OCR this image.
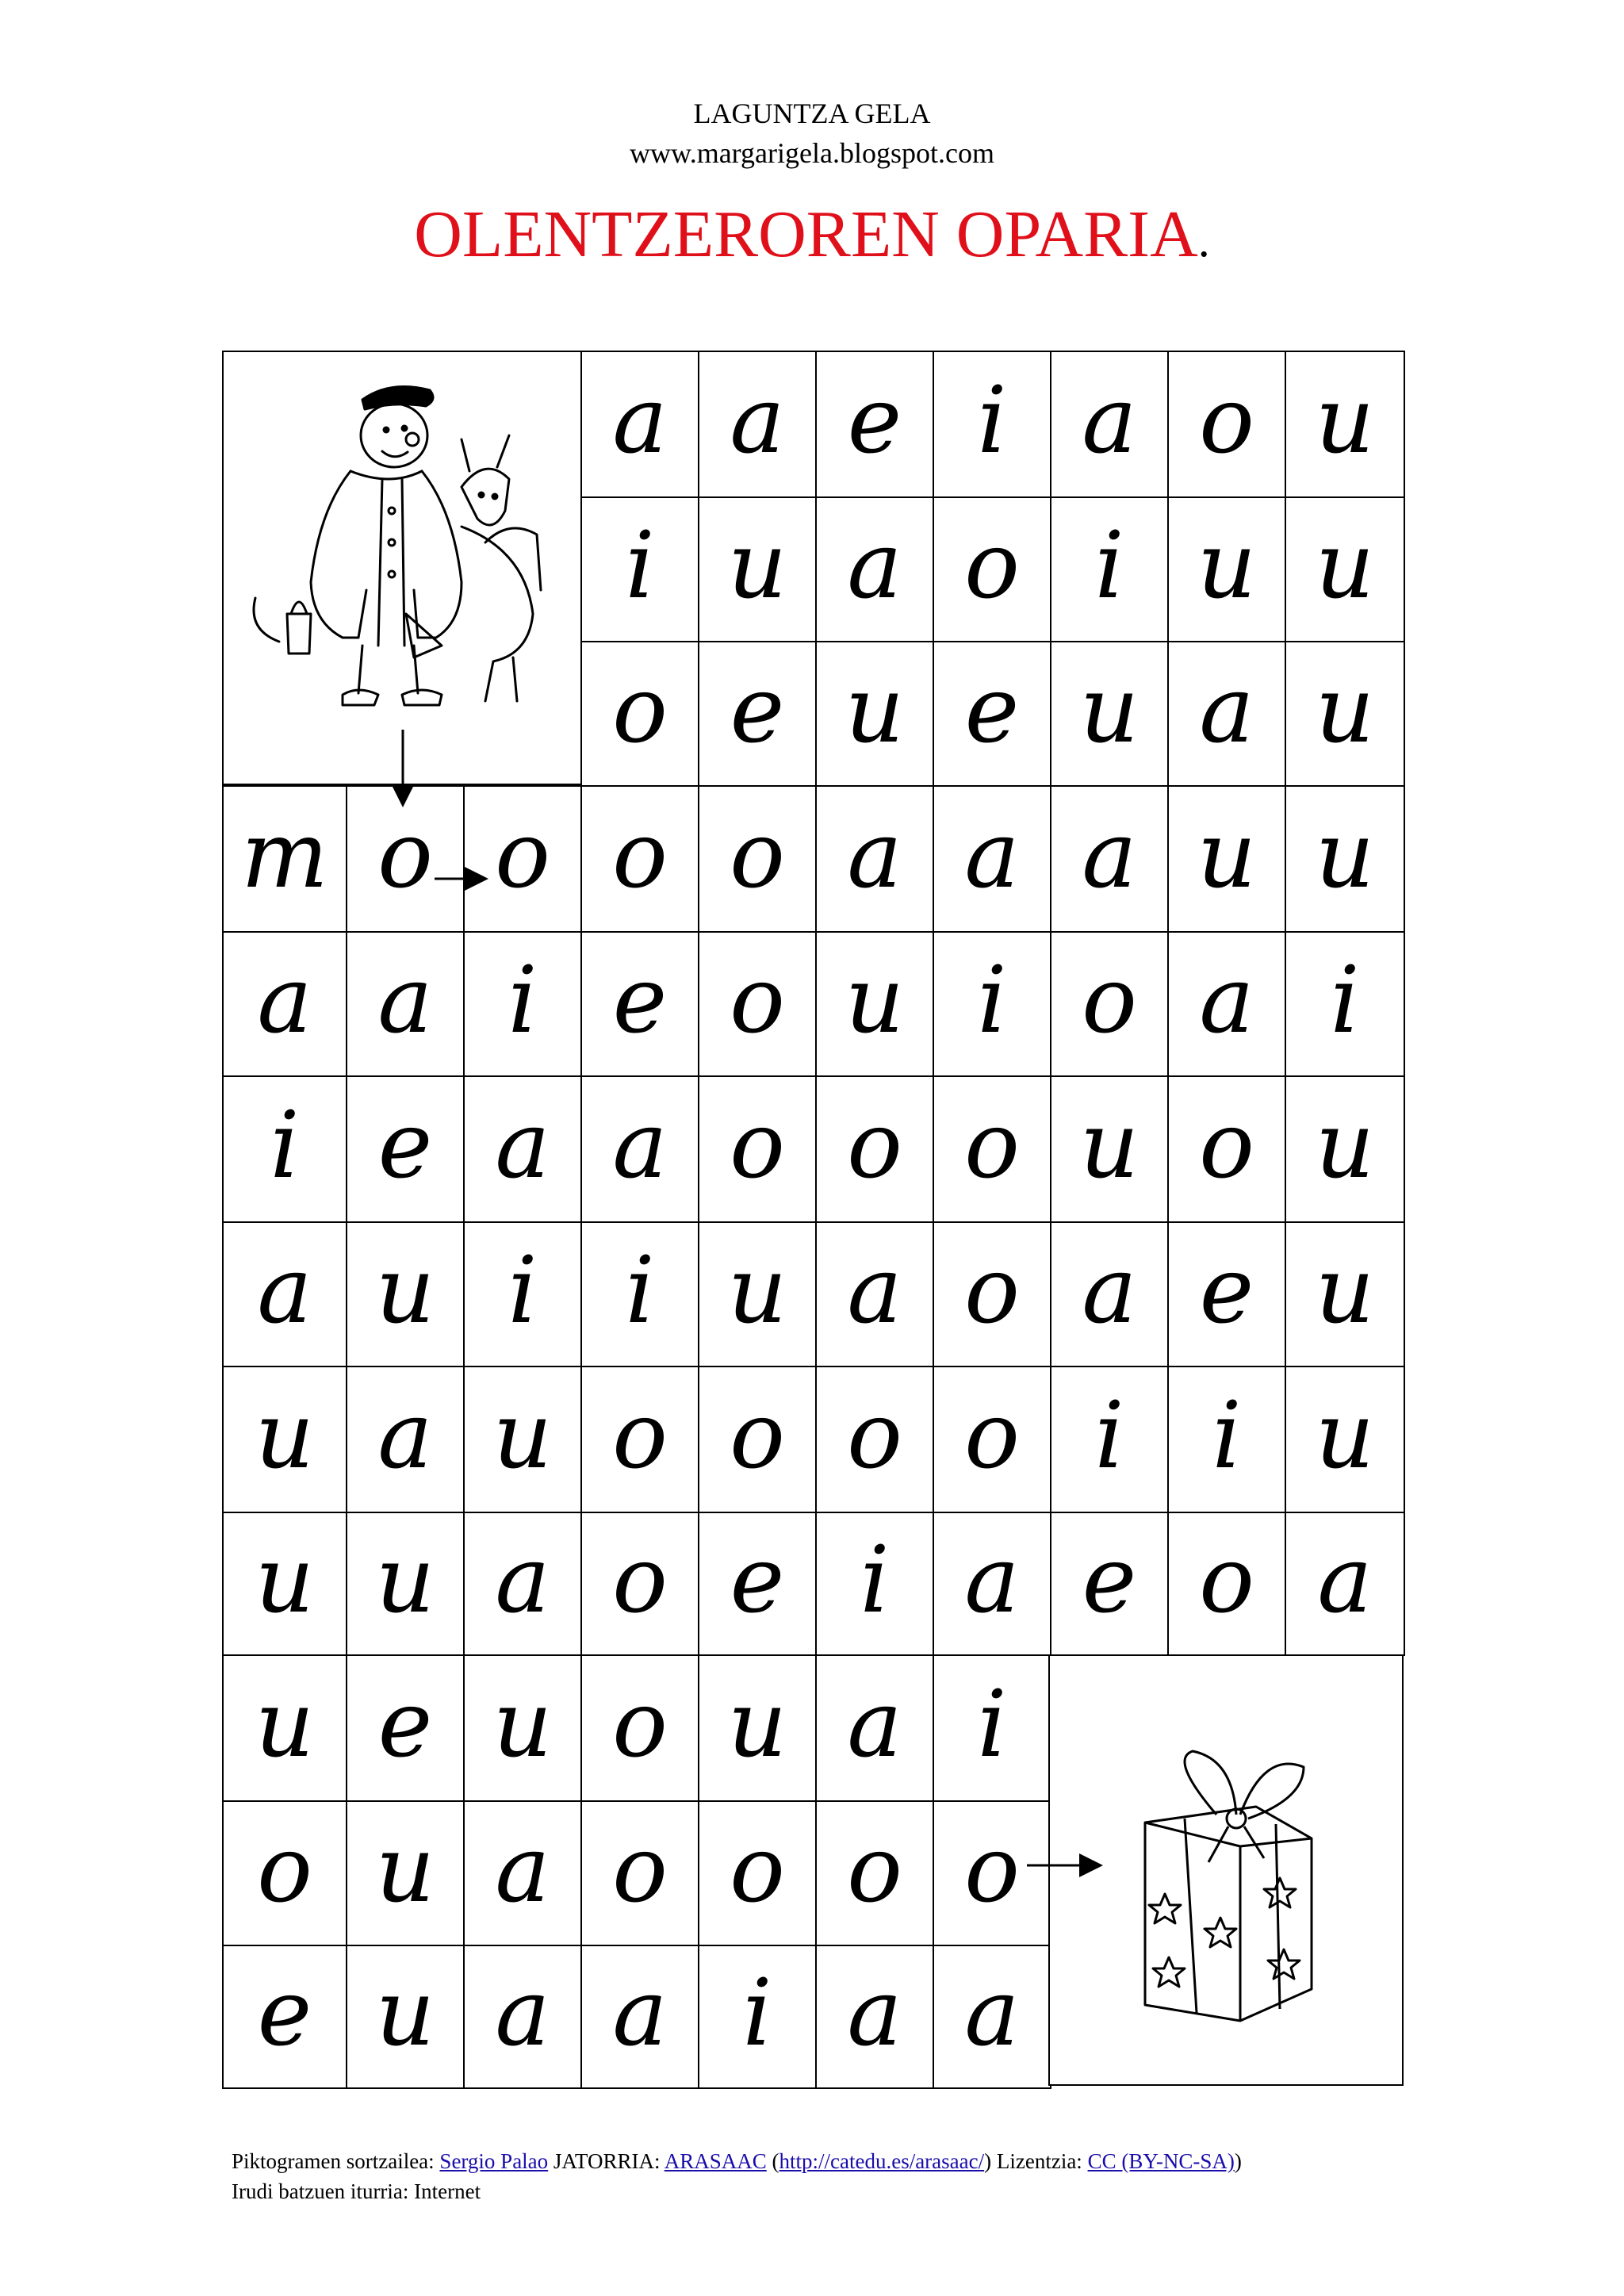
LAGUNTZA GELA
www.margarigela.blogspot.com
OLENTZEROREN OPARIA.
a a e i a o u
i u a o i u u
o e u e u a u
m o o o o a a a u u
a a i e o u i o a i
i e a a o o o u o u
a u i i u a o a e u
u a u o o o o i i u
u u a o e i a e o a
u e u o u a i
o u a o o o o
e u a a i a a
Piktogramen sortzailea: Sergio Palao JATORRIA: ARASAAC (http://catedu.es/arasaac/) Lizentzia: CC (BY-NC-SA))
Irudi batzuen iturria: Internet
